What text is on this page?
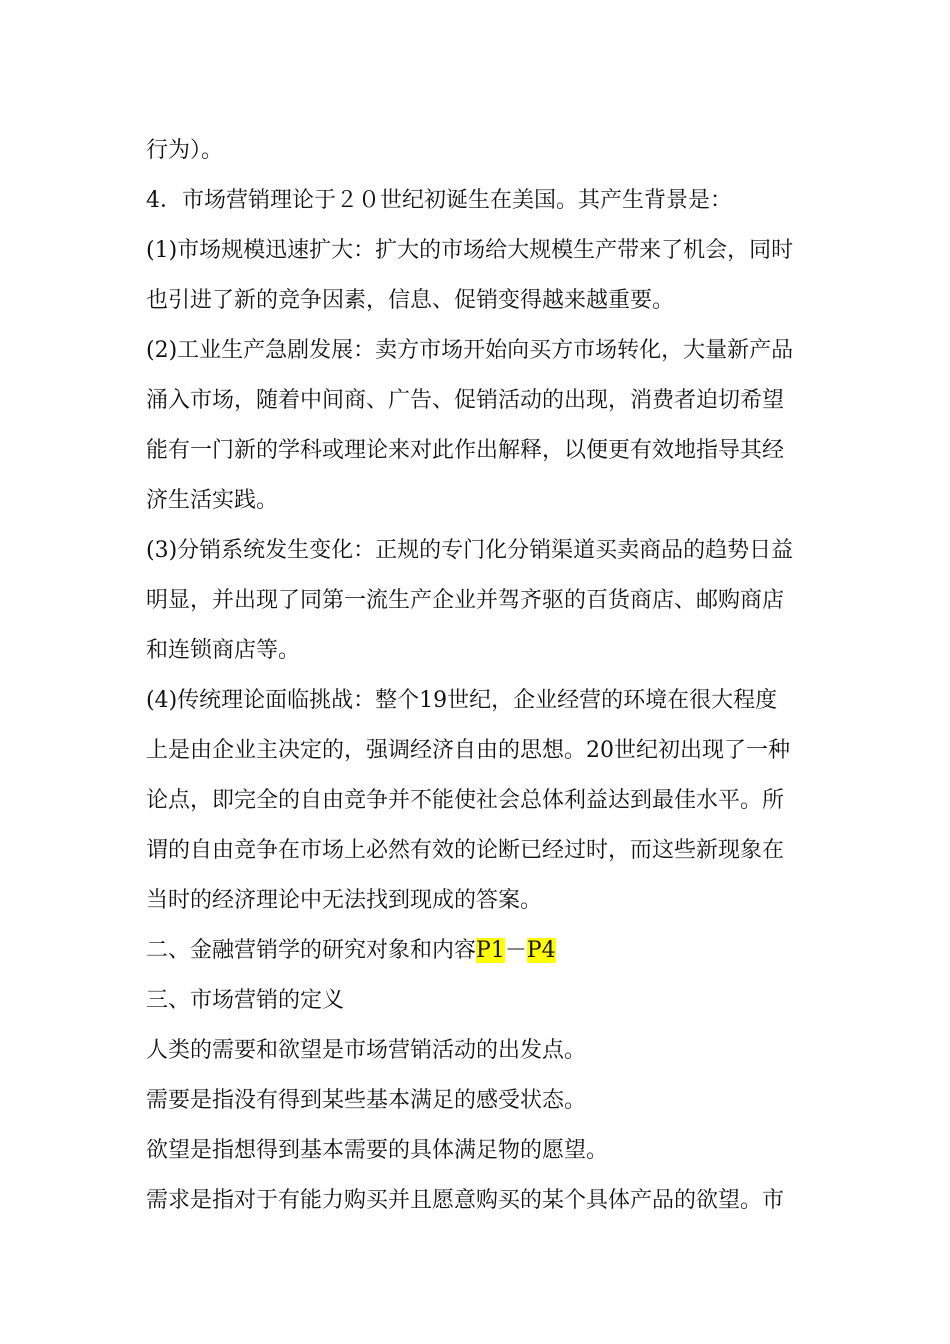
行为）。
4．市场营销理论于２０世纪初诞生在美国。其产生背景是：
(1)市场规模迅速扩大：扩大的市场给大规模生产带来了机会，同时
也引进了新的竞争因素，信息、促销变得越来越重要。
(2)工业生产急剧发展：卖方市场开始向买方市场转化，大量新产品
涌入市场，随着中间商、广告、促销活动的出现，消费者迫切希望
能有一门新的学科或理论来对此作出解释，以便更有效地指导其经
济生活实践。
(3)分销系统发生变化：正规的专门化分销渠道买卖商品的趋势日益
明显，并出现了同第一流生产企业并驾齐驱的百货商店、邮购商店
和连锁商店等。
(4)传统理论面临挑战：整个19世纪，企业经营的环境在很大程度
上是由企业主决定的，强调经济自由的思想。20世纪初出现了一种
论点，即完全的自由竞争并不能使社会总体利益达到最佳水平。所
谓的自由竞争在市场上必然有效的论断已经过时，而这些新现象在
当时的经济理论中无法找到现成的答案。
二、金融营销学的研究对象和内容P1－P4
三、市场营销的定义
人类的需要和欲望是市场营销活动的出发点。
需要是指没有得到某些基本满足的感受状态。
欲望是指想得到基本需要的具体满足物的愿望。
需求是指对于有能力购买并且愿意购买的某个具体产品的欲望。市
